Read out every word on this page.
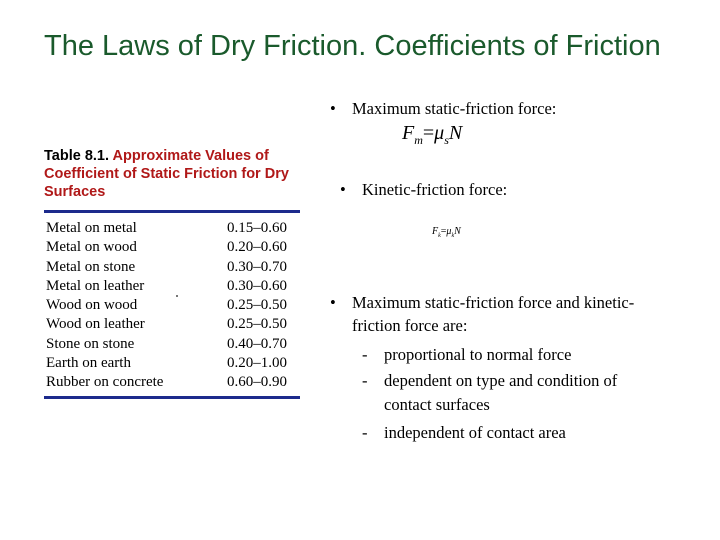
The Laws of Dry Friction. Coefficients of Friction
Table 8.1. Approximate Values of Coefficient of Static Friction for Dry Surfaces
Metal on metal	0.15–0.60
Metal on wood	0.20–0.60
Metal on stone	0.30–0.70
Metal on leather	0.30–0.60
Wood on wood	0.25–0.50
Wood on leather	0.25–0.50
Stone on stone	0.40–0.70
Earth on earth	0.20–1.00
Rubber on concrete	0.60–0.90
• Maximum static-friction force:
$F_m=\mu_sN$
• Kinetic-friction force:
$F_k=\mu_kN$
• Maximum static-friction force and kinetic-
friction force are:
- proportional to normal force
- dependent on type and condition of
contact surfaces
- independent of contact area
